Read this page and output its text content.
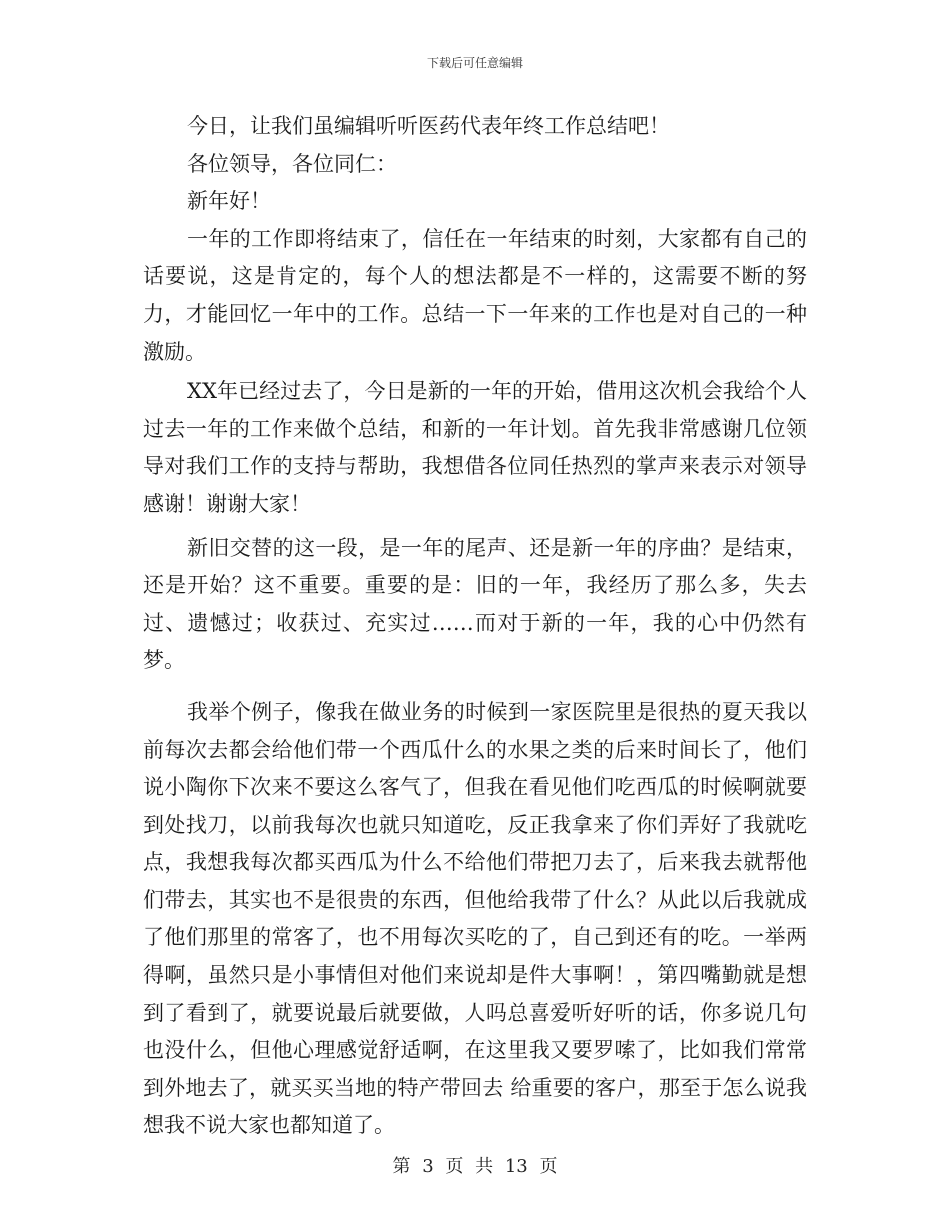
下载后可任意编辑

今日，让我们虽编辑听听医药代表年终工作总结吧！

各位领导，各位同仁：

新年好！

一年的工作即将结束了，信任在一年结束的时刻，大家都有自己的话要说，这是肯定的，每个人的想法都是不一样的，这需要不断的努力，才能回忆一年中的工作。总结一下一年来的工作也是对自己的一种激励。

XX年已经过去了，今日是新的一年的开始，借用这次机会我给个人过去一年的工作来做个总结，和新的一年计划。首先我非常感谢几位领导对我们工作的支持与帮助，我想借各位同任热烈的掌声来表示对领导感谢！谢谢大家！

新旧交替的这一段，是一年的尾声、还是新一年的序曲？是结束，还是开始？这不重要。重要的是：旧的一年，我经历了那么多，失去过、遗憾过；收获过、充实过……而对于新的一年，我的心中仍然有梦。

我举个例子，像我在做业务的时候到一家医院里是很热的夏天我以前每次去都会给他们带一个西瓜什么的水果之类的后来时间长了，他们说小陶你下次来不要这么客气了，但我在看见他们吃西瓜的时候啊就要到处找刀，以前我每次也就只知道吃，反正我拿来了你们弄好了我就吃点，我想我每次都买西瓜为什么不给他们带把刀去了，后来我去就帮他们带去，其实也不是很贵的东西，但他给我带了什么？从此以后我就成了他们那里的常客了，也不用每次买吃的了，自己到还有的吃。一举两得啊，虽然只是小事情但对他们来说却是件大事啊！，第四嘴勤就是想到了看到了，就要说最后就要做，人吗总喜爱听好听的话，你多说几句也没什么，但他心理感觉舒适啊，在这里我又要罗嗦了，比如我们常常到外地去了，就买买当地的特产带回去 给重要的客户，那至于怎么说我想我不说大家也都知道了。

第 3 页 共 13 页
